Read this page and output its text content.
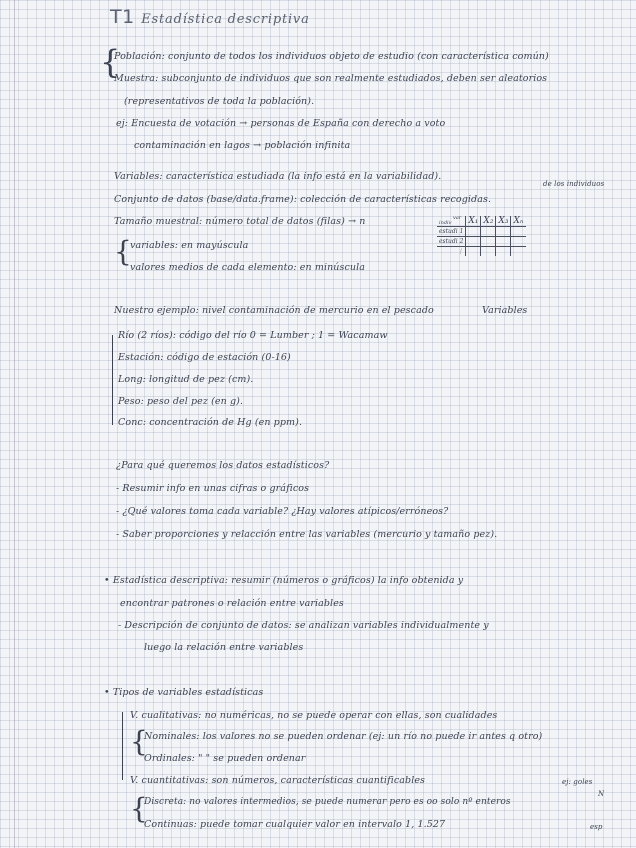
T1 Estadística descriptiva
{
Población: conjunto de todos los individuos objeto de estudio (con característica común)
Muestra: subconjunto de individuos que son realmente estudiados, deben ser aleatorios
(representativos de toda la población).
ej: Encuesta de votación → personas de España con derecho a voto
contaminación en lagos → población infinita
Variables: característica estudiada (la info está en la variabilidad).
de los individuos
Conjunto de datos (base/data.frame): colección de características recogidas.
Tamaño muestral: número total de datos (filas) → n
{
variables: en mayúscula
valores medios de cada elemento: en minúscula
var
indiv	X₁	X₂	X₃	Xₙ
estudi 1				
estudi 2				
⋮				
Nuestro ejemplo: nivel contaminación de mercurio en el pescado	Variables
Río (2 ríos): código del río 0 = Lumber ; 1 = Wacamaw
Estación: código de estación (0-16)
Long: longitud de pez (cm).
Peso: peso del pez (en g).
Conc: concentración de Hg (en ppm).
¿Para qué queremos los datos estadísticos?
- Resumir info en unas cifras o gráficos
- ¿Qué valores toma cada variable? ¿Hay valores atípicos/erróneos?
- Saber proporciones y relacción entre las variables (mercurio y tamaño pez).
• Estadística descriptiva: resumir (números o gráficos) la info obtenida y
encontrar patrones o relación entre variables
- Descripción de conjunto de datos: se analizan variables individualmente y
luego la relación entre variables
• Tipos de variables estadísticas
V. cualitativas: no numéricas, no se puede operar con ellas, son cualidades
{
Nominales: los valores no se pueden ordenar (ej: un río no puede ir antes q otro)
Ordinales: " " se pueden ordenar
V. cuantitativas: son números, características cuantificables	ej: goles
{
Discreta: no valores intermedios, se puede numerar pero es oo solo nº enteros
N
Continuas: puede tomar cualquier valor en intervalo 1, 1.527	esp
